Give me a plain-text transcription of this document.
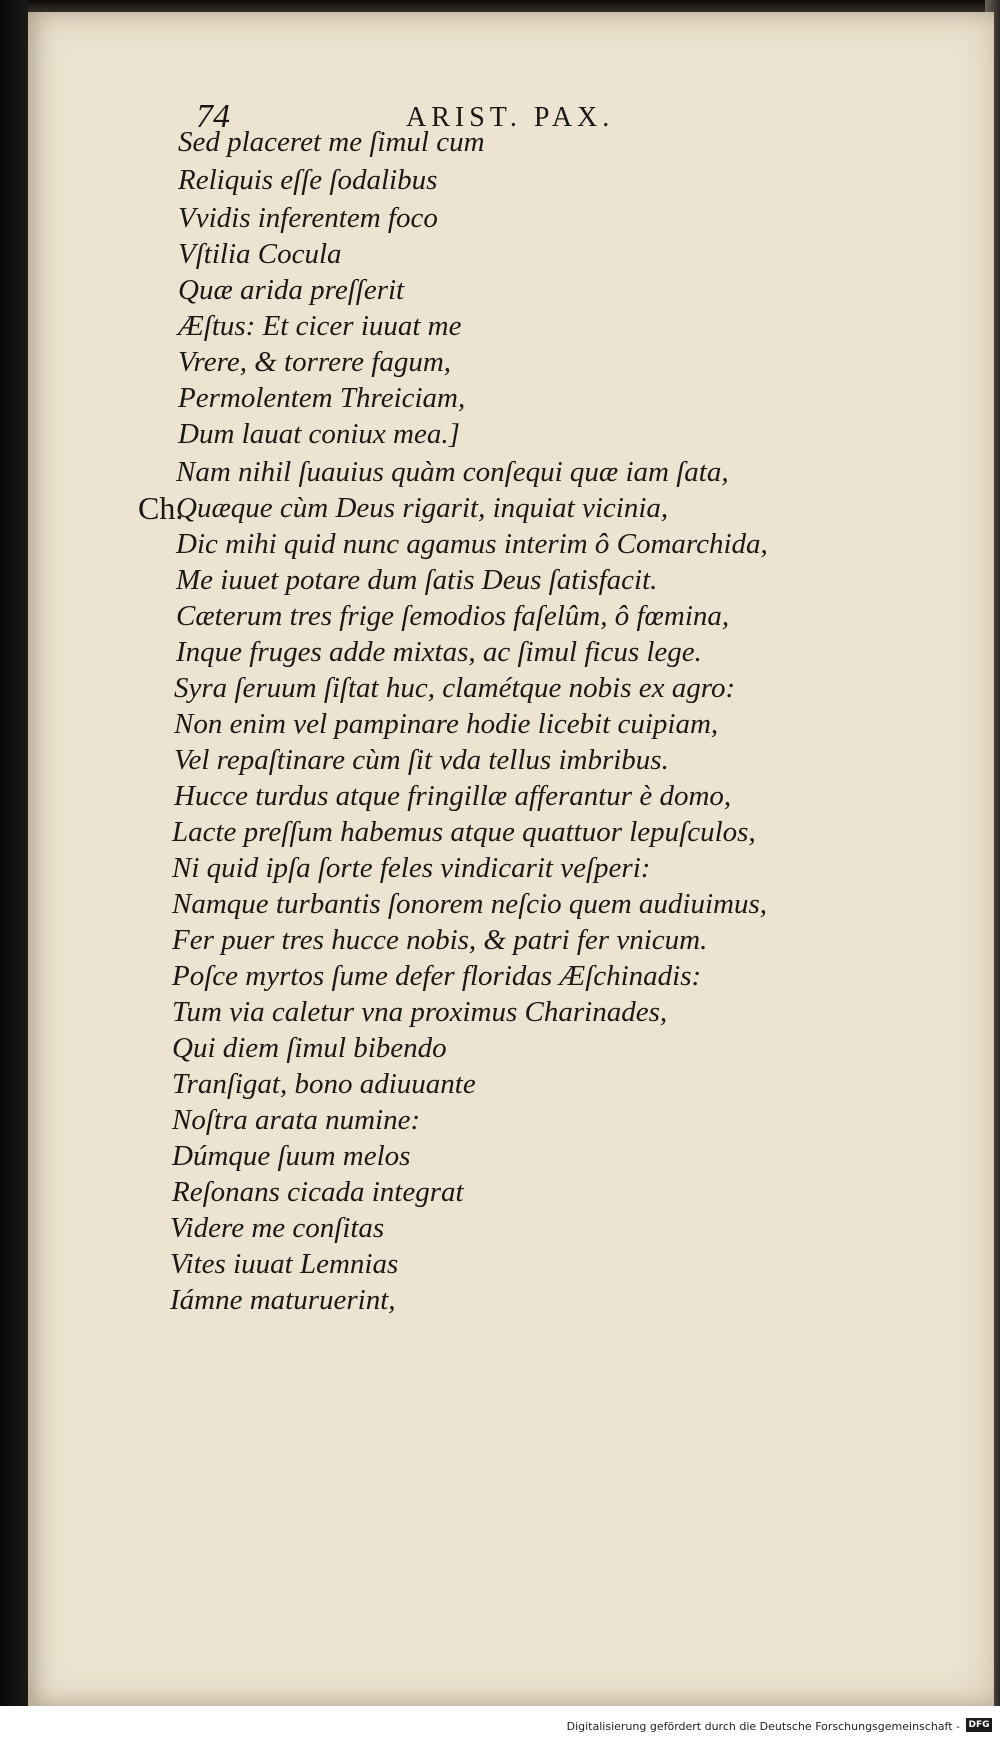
74	ARIST. PAX.
Ch.
Sed placeret me ſimul cum
Reliquis eſſe ſodalibus
Vvidis inferentem foco
Vſtilia Cocula
Quæ arida preſſerit
Æſtus: Et cicer iuuat me
Vrere, & torrere fagum,
Permolentem Threiciam,
Dum lauat coniux mea.]
Nam nihil ſuauius quàm conſequi quæ iam ſata,
Quæque cùm Deus rigarit, inquiat vicinia,
Dic mihi quid nunc agamus interim ô Comarchida,
Me iuuet potare dum ſatis Deus ſatisfacit.
Cæterum tres frige ſemodios faſelûm, ô fœmina,
Inque fruges adde mixtas, ac ſimul ficus lege.
Syra ſeruum ſiſtat huc, clamétque nobis ex agro:
Non enim vel pampinare hodie licebit cuipiam,
Vel repaſtinare cùm ſit vda tellus imbribus.
Hucce turdus atque fringillæ afferantur è domo,
Lacte preſſum habemus atque quattuor lepuſculos,
Ni quid ipſa ſorte feles vindicarit veſperi:
Namque turbantis ſonorem neſcio quem audiuimus,
Fer puer tres hucce nobis, & patri fer vnicum.
Poſce myrtos ſume defer floridas Æſchinadis:
Tum via caletur vna proximus Charinades,
Qui diem ſimul bibendo
Tranſigat, bono adiuuante
Noſtra arata numine:
Dúmque ſuum melos
Reſonans cicada integrat
Videre me conſitas
Vites iuuat Lemnias
Iámne maturuerint,
Digitalisierung gefördert durch die Deutsche Forschungsgemeinschaft - DFG
